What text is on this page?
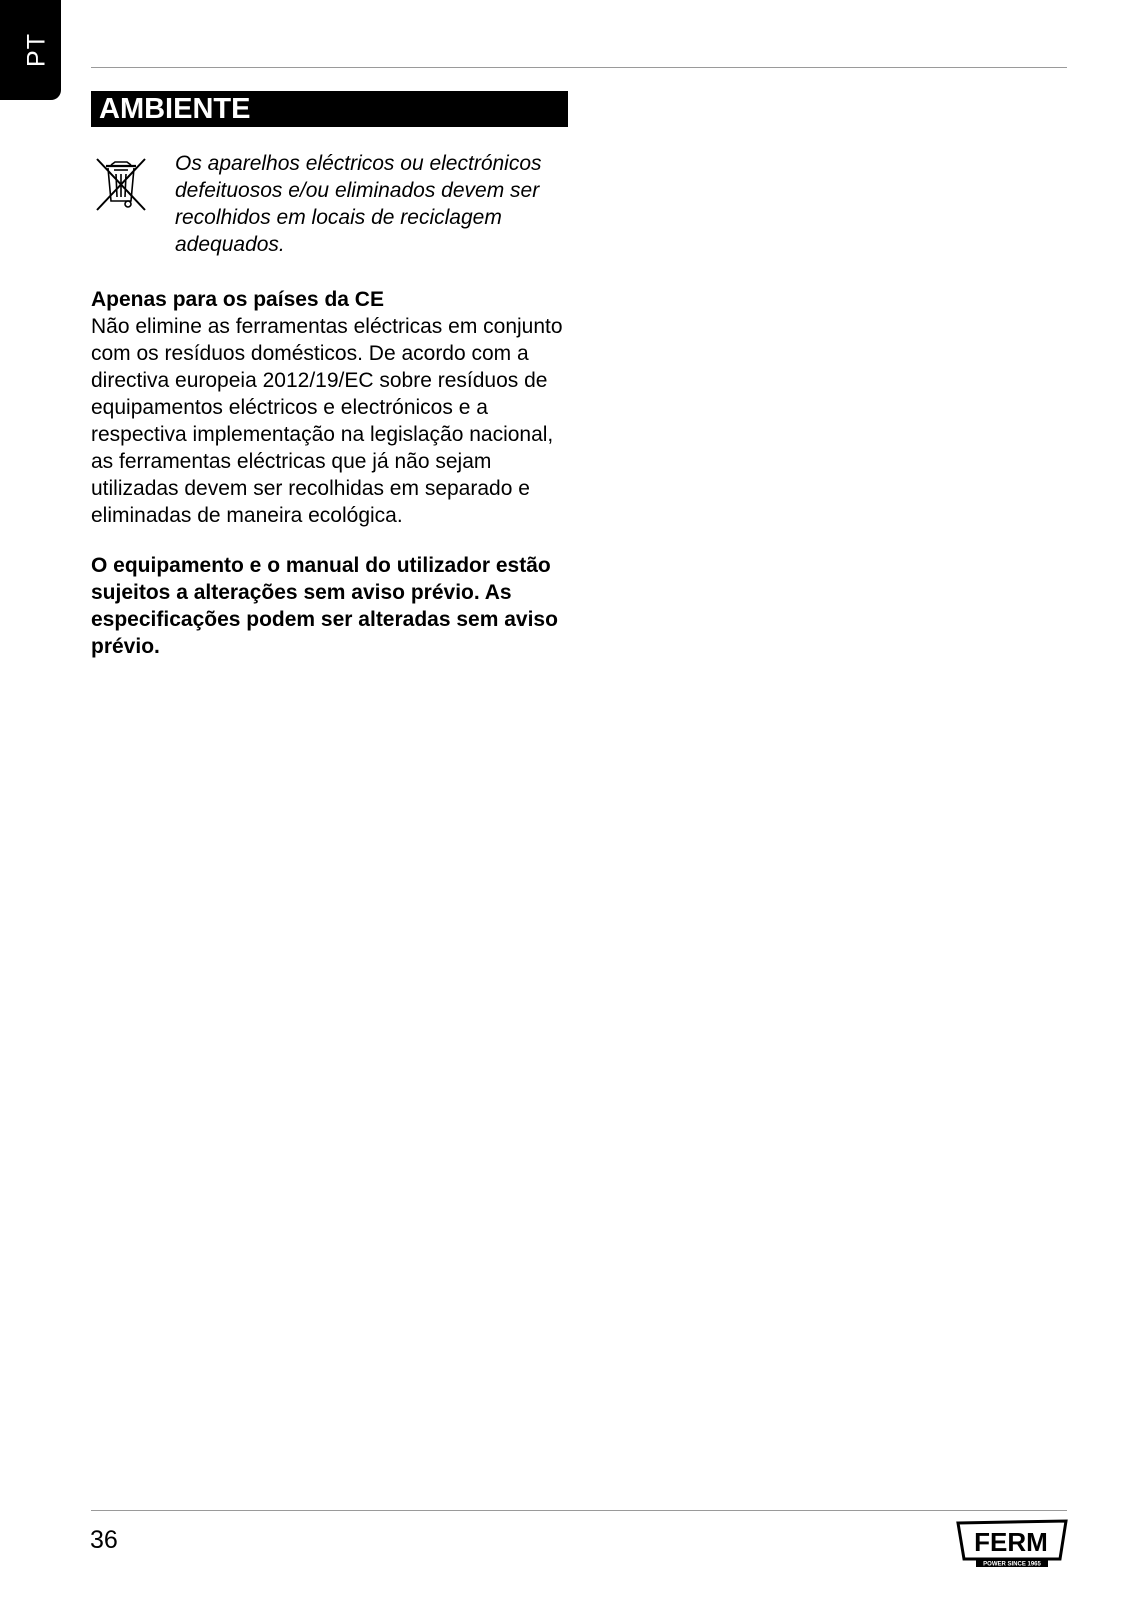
PT
AMBIENTE
Os aparelhos eléctricos ou electrónicos defeituosos e/ou eliminados devem ser recolhidos em locais de reciclagem adequados.
Apenas para os países da CE
Não elimine as ferramentas eléctricas em conjunto com os resíduos domésticos. De acordo com a directiva europeia 2012/19/EC sobre resíduos de equipamentos eléctricos e electrónicos e a respectiva implementação na legislação nacional, as ferramentas eléctricas que já não sejam utilizadas devem ser recolhidas em separado e eliminadas de maneira ecológica.
O equipamento e o manual do utilizador estão sujeitos a alterações sem aviso prévio. As especificações podem ser alteradas sem aviso prévio.
36	FERM
POWER SINCE 1965
